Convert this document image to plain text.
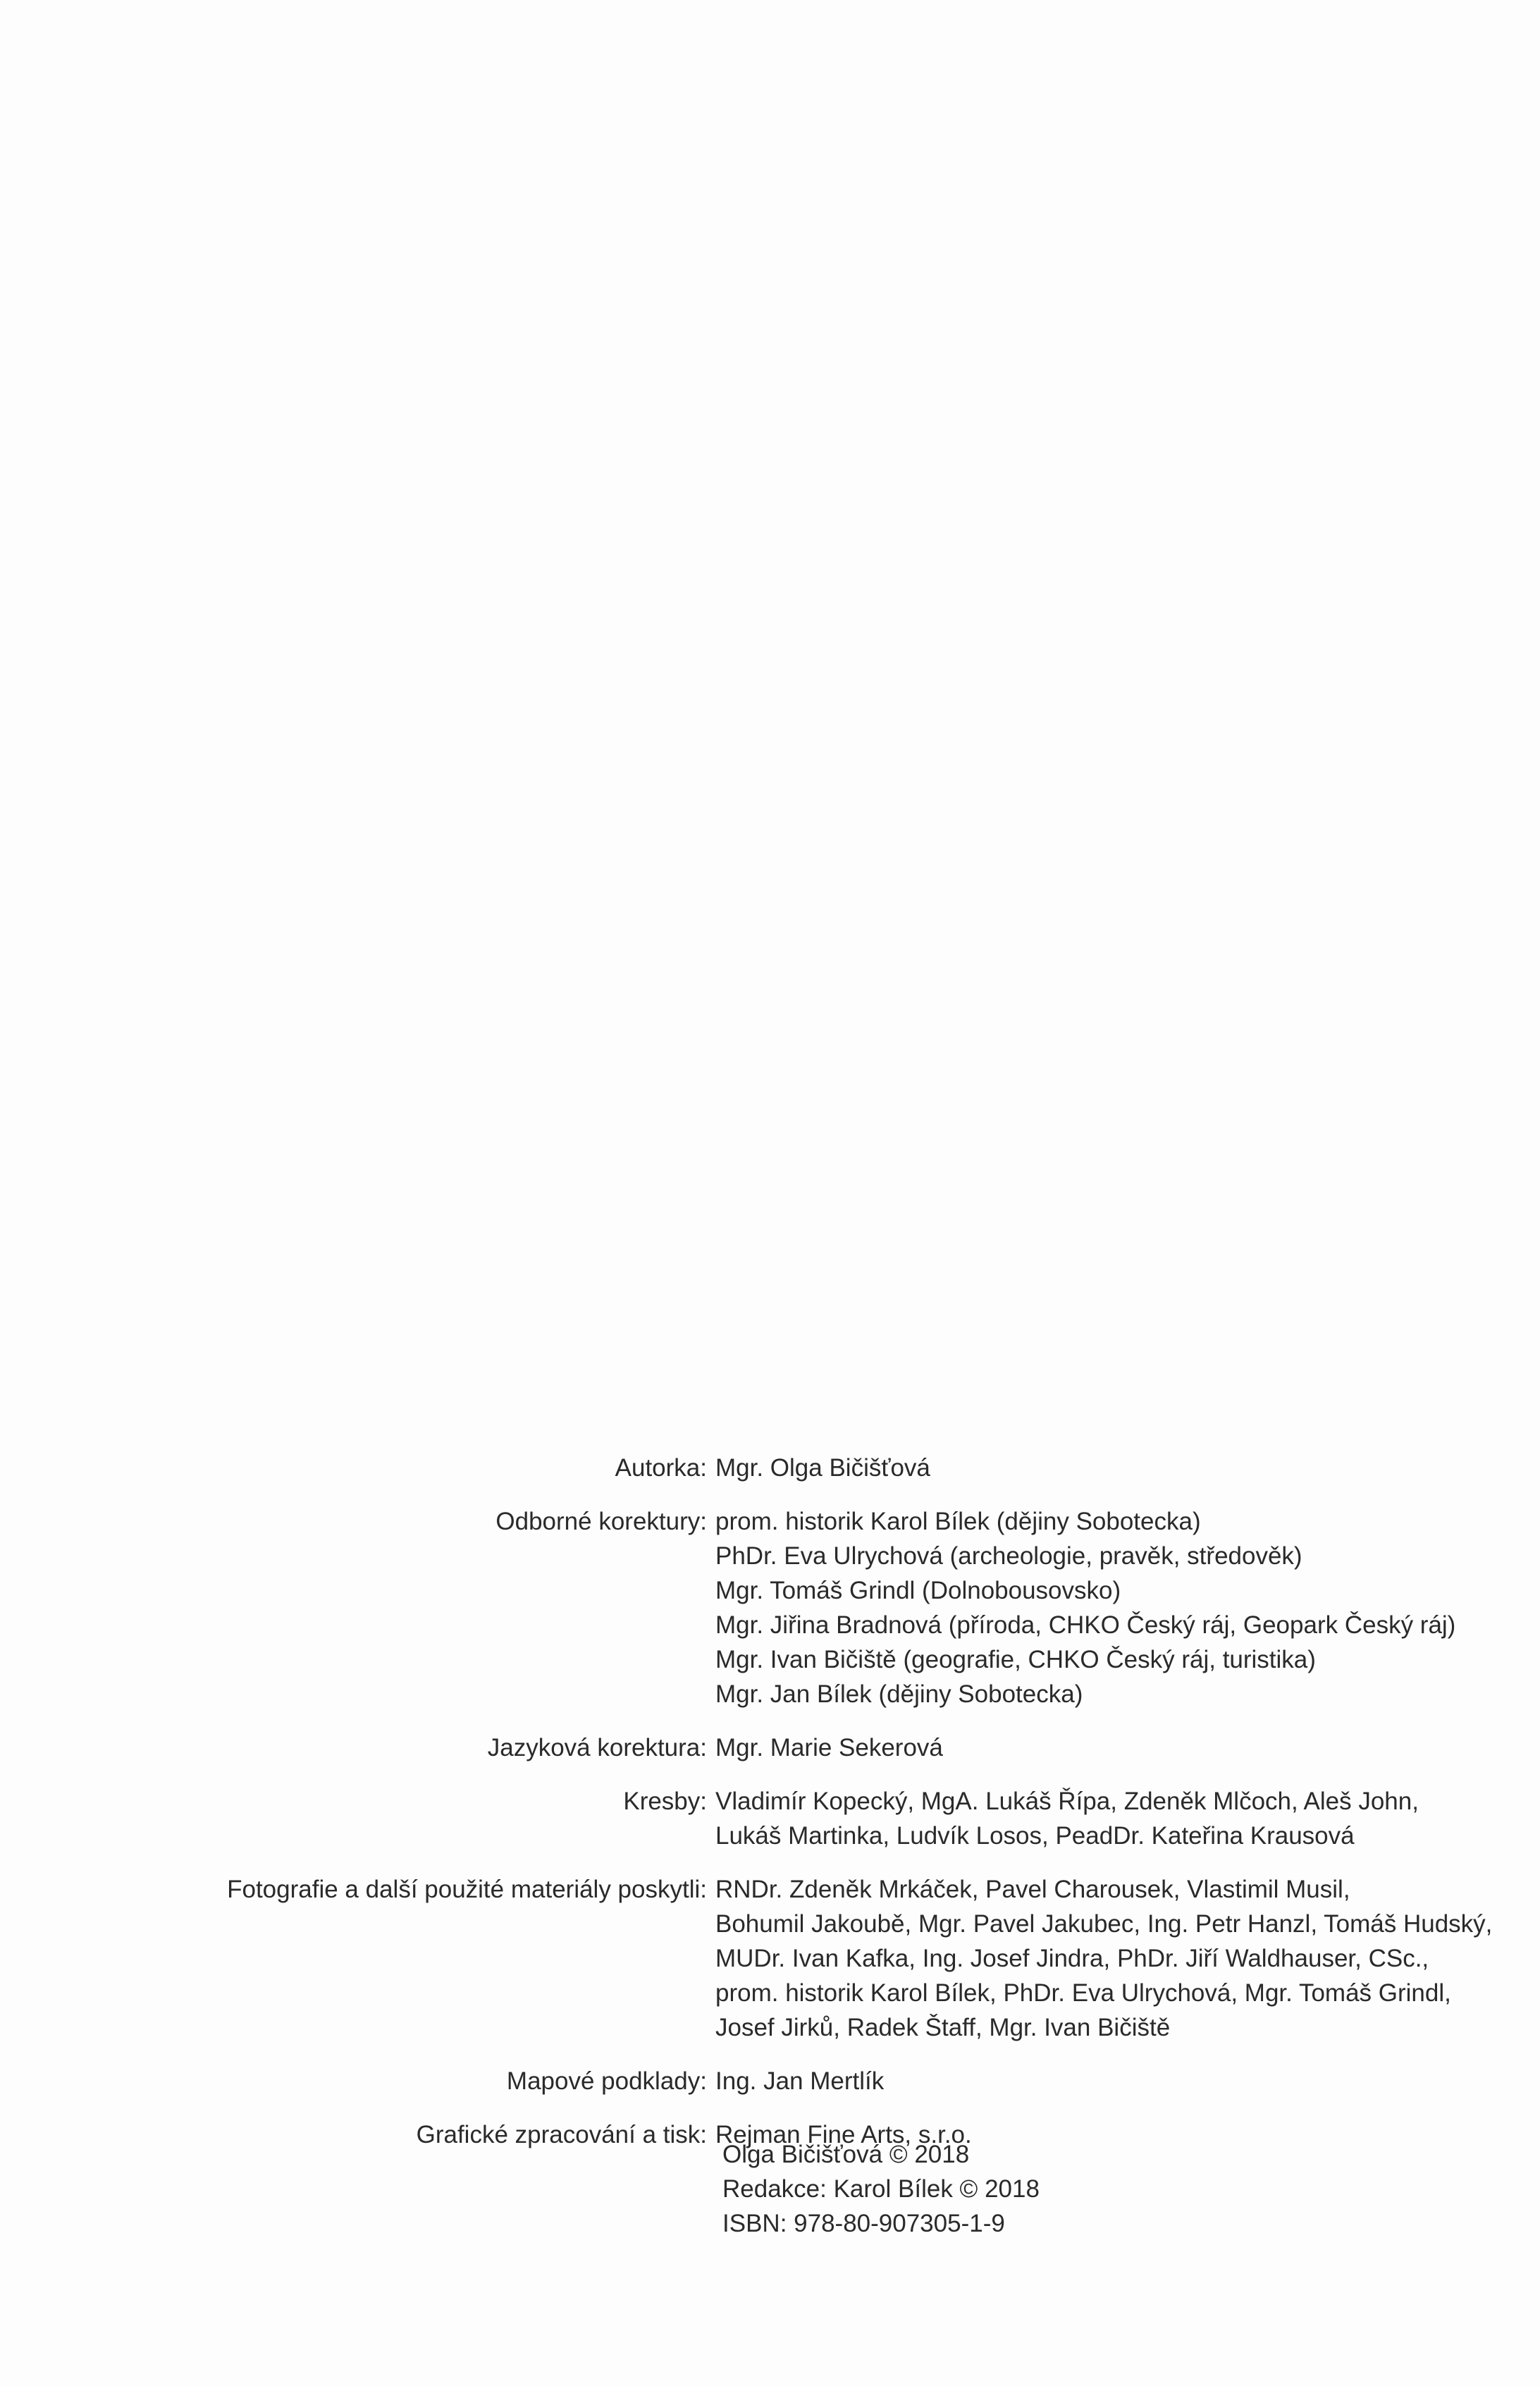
Autorka: Mgr. Olga Bičišťová
Odborné korektury: prom. historik Karol Bílek (dějiny Sobotecka)
PhDr. Eva Ulrychová (archeologie, pravěk, středověk)
Mgr. Tomáš Grindl (Dolnobousovsko)
Mgr. Jiřina Bradnová (příroda, CHKO Český ráj, Geopark Český ráj)
Mgr. Ivan Bičiště (geografie, CHKO Český ráj, turistika)
Mgr. Jan Bílek (dějiny Sobotecka)
Jazyková korektura: Mgr. Marie Sekerová
Kresby: Vladimír Kopecký, MgA. Lukáš Řípa, Zdeněk Mlčoch, Aleš John,
Lukáš Martinka, Ludvík Losos, PeadDr. Kateřina Krausová
Fotografie a další použité materiály poskytli: RNDr. Zdeněk Mrkáček, Pavel Charousek, Vlastimil Musil,
Bohumil Jakoubě, Mgr. Pavel Jakubec, Ing. Petr Hanzl, Tomáš Hudský,
MUDr. Ivan Kafka, Ing. Josef Jindra, PhDr. Jiří Waldhauser, CSc.,
prom. historik Karol Bílek, PhDr. Eva Ulrychová, Mgr. Tomáš Grindl,
Josef Jirků, Radek Štaff, Mgr. Ivan Bičiště
Mapové podklady: Ing. Jan Mertlík
Grafické zpracování a tisk: Rejman Fine Arts, s.r.o.
Olga Bičišťová © 2018
Redakce: Karol Bílek © 2018
ISBN: 978-80-907305-1-9
